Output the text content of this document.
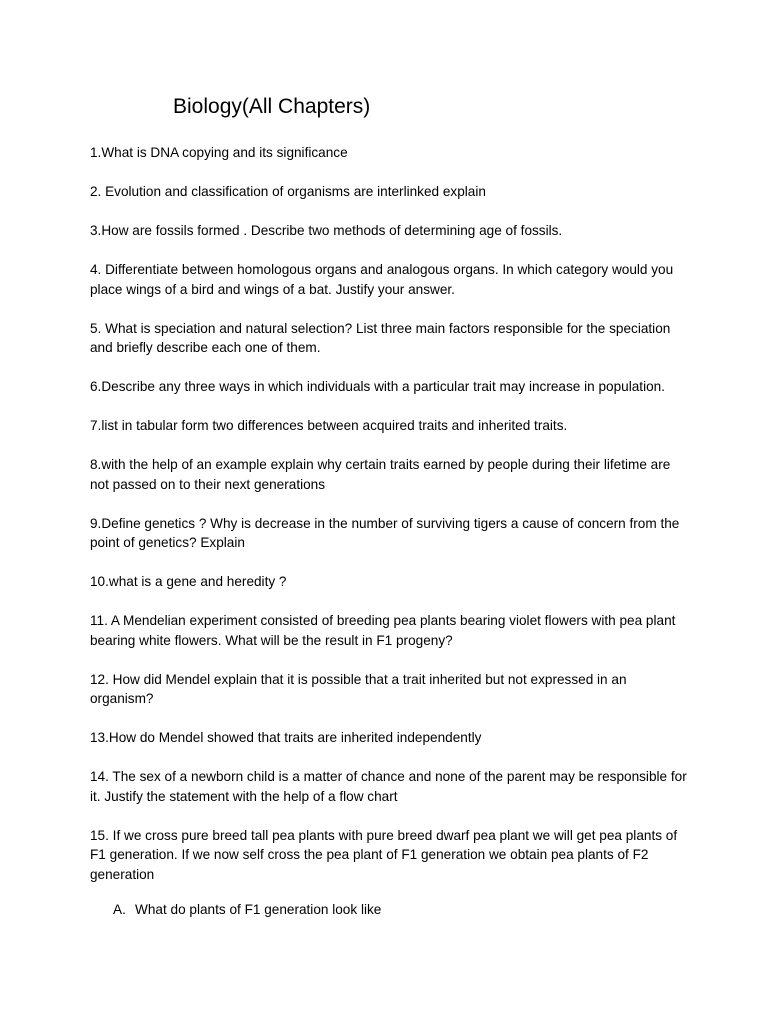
Biology(All Chapters)
1.What is DNA copying and its significance
2. Evolution and classification of organisms are interlinked explain
3.How are fossils formed . Describe two methods of determining age of fossils.
4. Differentiate between homologous organs and analogous organs. In which category would you place wings of a bird and wings of a bat. Justify your answer.
5. What is speciation and natural selection? List three main factors responsible for the speciation and briefly describe each one of them.
6.Describe any three ways in which individuals with a particular trait may increase in population.
7.list in tabular form two differences between acquired traits and inherited traits.
8.with the help of an example explain why certain traits earned by people during their lifetime are not passed on to their next generations
9.Define genetics ? Why is decrease in the number of surviving tigers a cause of concern from the point of genetics? Explain
10.what is a gene and heredity ?
11. A Mendelian experiment consisted of breeding pea plants bearing violet flowers with pea plant bearing white flowers. What will be the result in F1 progeny?
12. How did Mendel explain that it is possible that a trait inherited but not expressed in an organism?
13.How do Mendel showed that traits are inherited independently
14. The sex of a newborn child is a matter of chance and none of the parent may be responsible for it. Justify the statement with the help of a flow chart
15. If we cross pure breed tall pea plants with pure breed dwarf pea plant we will get pea plants of F1 generation. If we now self cross the pea plant of F1 generation we obtain pea plants of F2 generation
A. What do plants of F1 generation look like
